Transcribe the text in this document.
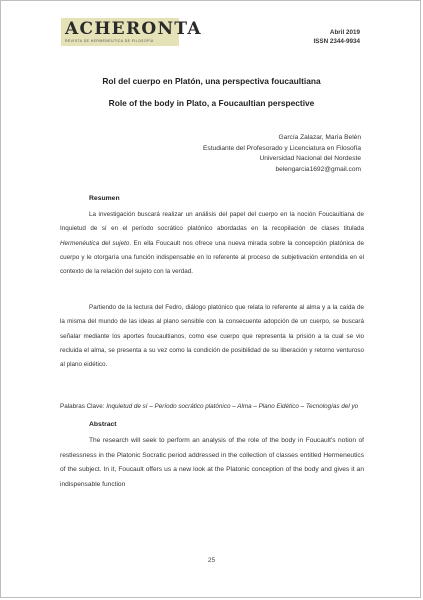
ACHERONTA
REVISTA DE HERMENEUTICA DE FILOSOFÍA
Abril 2019
ISSN 2344-9934
Rol del cuerpo en Platón, una perspectiva foucaultiana
Role of the body in Plato, a Foucaultian perspective
García Zalazar, María Belén
Estudiante del Profesorado y Licenciatura en Filosofía
Universidad Nacional del Nordeste
belengarcia1692@gmail.com
Resumen
La investigación buscará realizar un análisis del papel del cuerpo en la noción Foucaultiana de Inquietud de sí en el período socrático platónico abordadas en la recopilación de clases titulada Hermenéutica del sujeto. En ella Foucault nos ofrece una nueva mirada sobre la concepción platónica de cuerpo y le otorgaría una función indispensable en lo referente al proceso de subjetivación entendida en el contexto de la relación del sujeto con la verdad.
Partiendo de la lectura del Fedro, diálogo platónico que relata lo referente al alma y a la caída de la misma del mundo de las ideas al plano sensible con la consecuente adopción de un cuerpo, se buscará señalar mediante los aportes foucaultianos, como ese cuerpo que representa la prisión a la cual se vio recluida el alma, se presenta a su vez como la condición de posibilidad de su liberación y retorno venturoso al plano eidético.
Palabras Clave: Inquietud de sí – Período socrático platónico – Alma – Plano Eidético – Tecnologías del yo
Abstract
The research will seek to perform an analysis of the role of the body in Foucault's notion of restlessness in the Platonic Socratic period addressed in the collection of classes entitled Hermeneutics of the subject. In it, Foucault offers us a new look at the Platonic conception of the body and gives it an indispensable function
25
